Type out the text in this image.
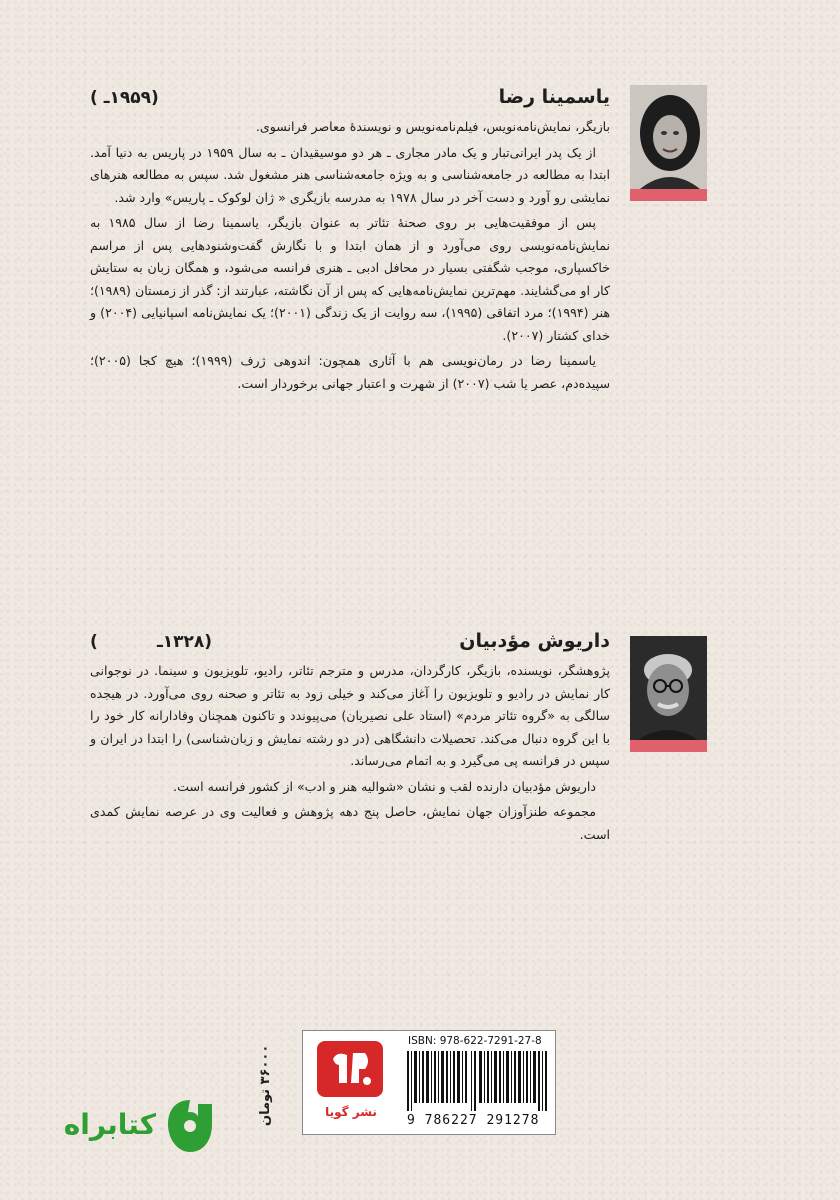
یاسمینا رضا
(۱۹۵۹ـ )

بازیگر، نمایش‌نامه‌نویس، فیلم‌نامه‌نویس و نویسندهٔ معاصر فرانسوی.

از یک پدر ایرانی‌تبار و یک مادر مجاری ـ هر دو موسیقیدان ـ به سال ۱۹۵۹ در پاریس به دنیا آمد. ابتدا به مطالعه در جامعه‌شناسی و به ویژه جامعه‌شناسی هنر مشغول شد. سپس به مطالعه هنرهای نمایشی رو آورد و دست آخر در سال ۱۹۷۸ به مدرسه بازیگری « ژان لوکوک ـ پاریس» وارد شد.

پس از موفقیت‌هایی بر روی صحنهٔ تئاتر به عنوان بازیگر، یاسمینا رضا از سال ۱۹۸۵ به نمایش‌نامه‌نویسی روی می‌آورد و از همان ابتدا و با نگارش گفت‌وشنودهایی پس از مراسم خاکسپاری، موجب شگفتی بسیار در محافل ادبی ـ هنری فرانسه می‌شود، و همگان زبان به ستایش کار او می‌گشایند. مهم‌ترین نمایش‌نامه‌هایی که پس از آن نگاشته، عبارتند از: گذر از زمستان (۱۹۸۹)؛ هنر (۱۹۹۴)؛ مرد اتفاقی (۱۹۹۵)، سه روایت از یک زندگی (۲۰۰۱)؛ یک نمایش‌نامه اسپانیایی (۲۰۰۴) و خدای کشتار (۲۰۰۷).

یاسمینا رضا در رمان‌نویسی هم با آثاری همچون: اندوهی ژرف (۱۹۹۹)؛ هیچ کجا (۲۰۰۵)؛ سپیده‌دم، عصر یا شب (۲۰۰۷) از شهرت و اعتبار جهانی برخوردار است.

داریوش مؤدبیان
(۱۳۲۸ـ          )

پژوهشگر، نویسنده، بازیگر، کارگردان، مدرس و مترجم تئاتر، رادیو، تلویزیون و سینما. در نوجوانی کار نمایش در رادیو و تلویزیون را آغاز می‌کند و خیلی زود به تئاتر و صحنه روی می‌آورد. در هیجده سالگی به «گروه تئاتر مردم» (استاد علی نصیریان) می‌پیوندد و تاکنون همچنان وفادارانه کار خود را با این گروه دنبال می‌کند. تحصیلات دانشگاهی (در دو رشته نمایش و زبان‌شناسی) را ابتدا در ایران و سپس در فرانسه پی می‌گیرد و به اتمام می‌رساند.

داریوش مؤدبیان دارنده لقب و نشان «شوالیه هنر و ادب» از کشور فرانسه است.

مجموعه طنزآوزان جهان نمایش، حاصل پنج دهه پژوهش و فعالیت وی در عرصه نمایش کمدی است.

۳۶۰۰۰ تومان
نشر گویا
ISBN: 978-622-7291-27-8
9 786227 291278
کتابراه
